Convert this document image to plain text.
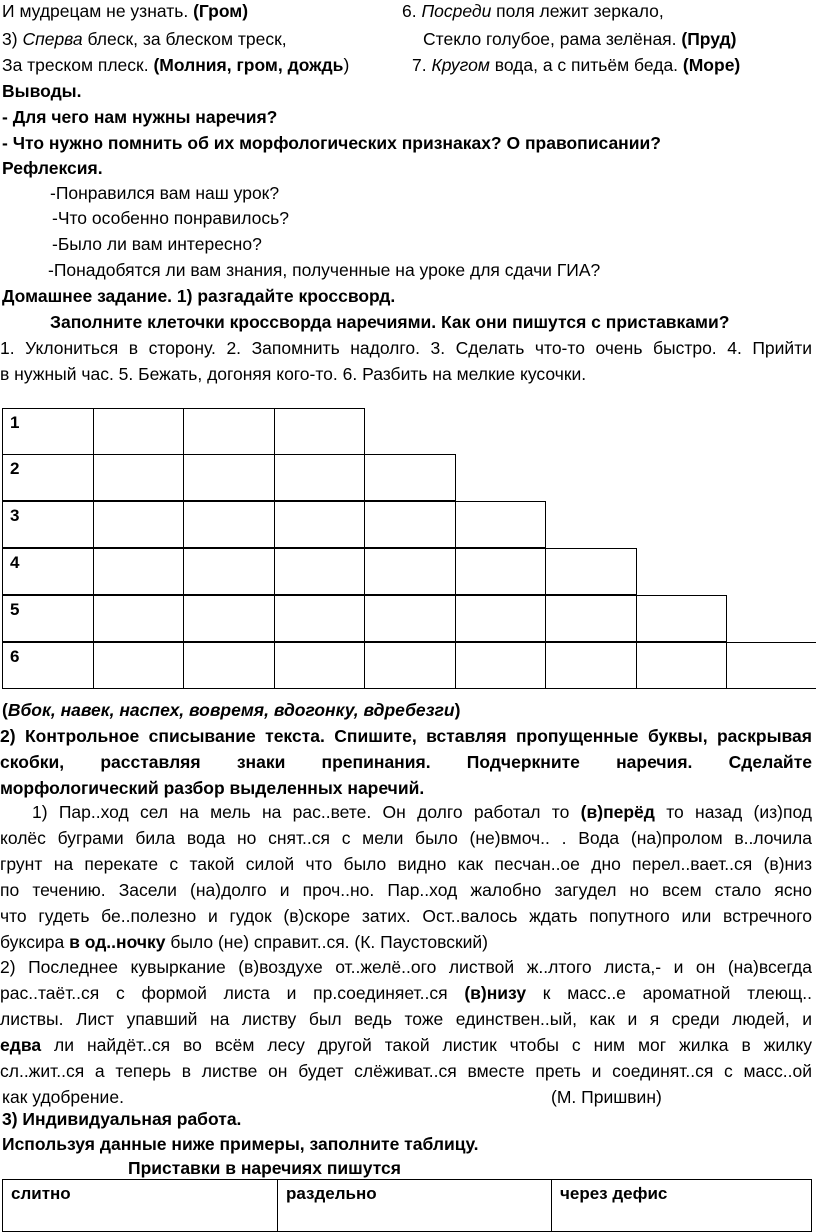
И мудрецам не узнать. (Гром)	6. Посреди поля лежит зеркало,
3) Сперва блеск, за блеском треск,	Стекло голубое, рама зелёная. (Пруд)
За треском плеск. (Молния, гром, дождь)	7. Кругом вода, а с питьём беда. (Море)
Выводы.
- Для чего нам нужны наречия?
- Что нужно помнить об их морфологических признаках? О правописании?
Рефлексия.
-Понравился вам наш урок?
-Что особенно понравилось?
-Было ли вам интересно?
-Понадобятся ли вам знания, полученные на уроке для сдачи ГИА?
Домашнее задание. 1) разгадайте кроссворд.
Заполните клеточки кроссворда наречиями. Как они пишутся с приставками?
1. Уклониться в сторону. 2. Запомнить надолго. 3. Сделать что-то очень быстро. 4. Прийти
в нужный час. 5. Бежать, догоняя кого-то. 6. Разбить на мелкие кусочки.
1
2
3
4
5
6
(Вбок, навек, наспех, вовремя, вдогонку, вдребезги)
2) Контрольное списывание текста. Спишите, вставляя пропущенные буквы, раскрывая
скобки, расставляя знаки препинания. Подчеркните наречия. Сделайте
морфологический разбор выделенных наречий.
1) Пар..ход сел на мель на рас..вете. Он долго работал то (в)перёд то назад (из)под
колёс буграми била вода но снят..ся с мели было (не)вмоч.. . Вода (на)пролом в..лочила
грунт на перекате с такой силой что было видно как песчан..ое дно перел..вает..ся (в)низ
по течению. Засели (на)долго и проч..но. Пар..ход жалобно загудел но всем стало ясно
что гудеть бе..полезно и гудок (в)скоре затих. Ост..валось ждать попутного или встречного
буксира в од..ночку было (не) справит..ся. (К. Паустовский)
2) Последнее кувыркание (в)воздухе от..желё..ого листвой ж..лтого листа,- и он (на)всегда
рас..таёт..ся с формой листа и пр.соединяет..ся (в)низу к масс..е ароматной тлеющ..
листвы. Лист упавший на листву был ведь тоже единствен..ый, как и я среди людей, и
едва ли найдёт..ся во всём лесу другой такой листик чтобы с ним мог жилка в жилку
сл..жит..ся а теперь в листве он будет слёживат..ся вместе преть и соединят..ся с масс..ой
как удобрение.	(М. Пришвин)
3) Индивидуальная работа.
Используя данные ниже примеры, заполните таблицу.
Приставки в наречиях пишутся
слитно	раздельно	через дефис
